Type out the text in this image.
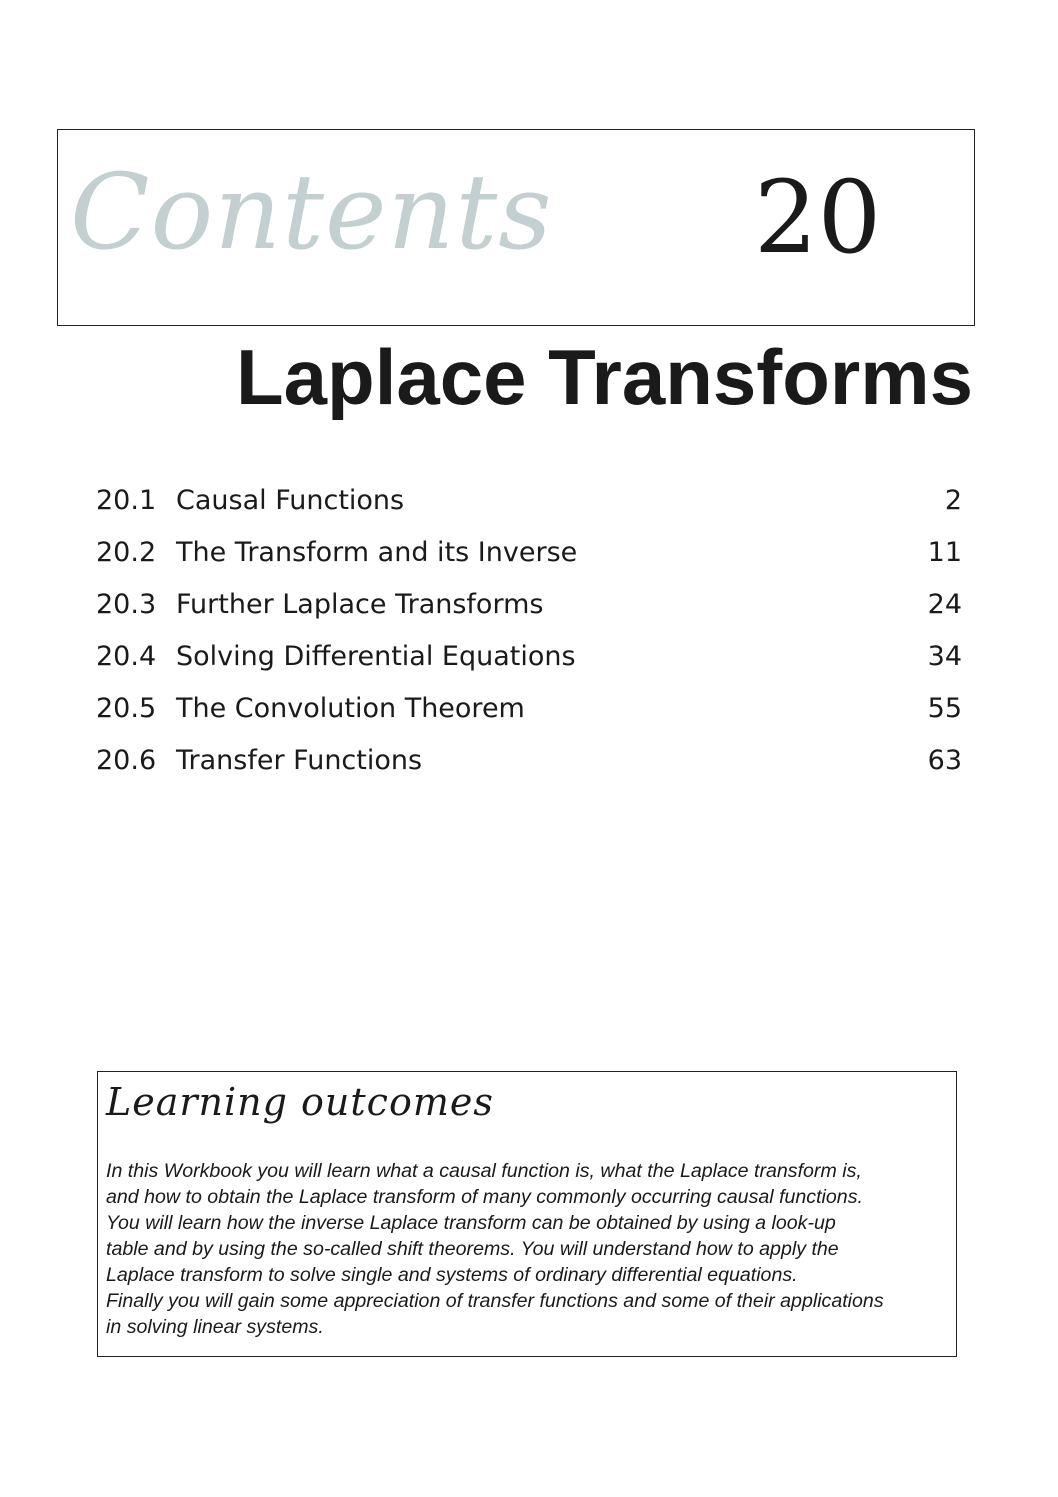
Contents 20
Laplace Transforms
20.1 Causal Functions	2
20.2 The Transform and its Inverse	11
20.3 Further Laplace Transforms	24
20.4 Solving Differential Equations	34
20.5 The Convolution Theorem	55
20.6 Transfer Functions	63
Learning outcomes

In this Workbook you will learn what a causal function is, what the Laplace transform is,
and how to obtain the Laplace transform of many commonly occurring causal functions.
You will learn how the inverse Laplace transform can be obtained by using a look-up
table and by using the so-called shift theorems. You will understand how to apply the
Laplace transform to solve single and systems of ordinary differential equations.
Finally you will gain some appreciation of transfer functions and some of their applications
in solving linear systems.
